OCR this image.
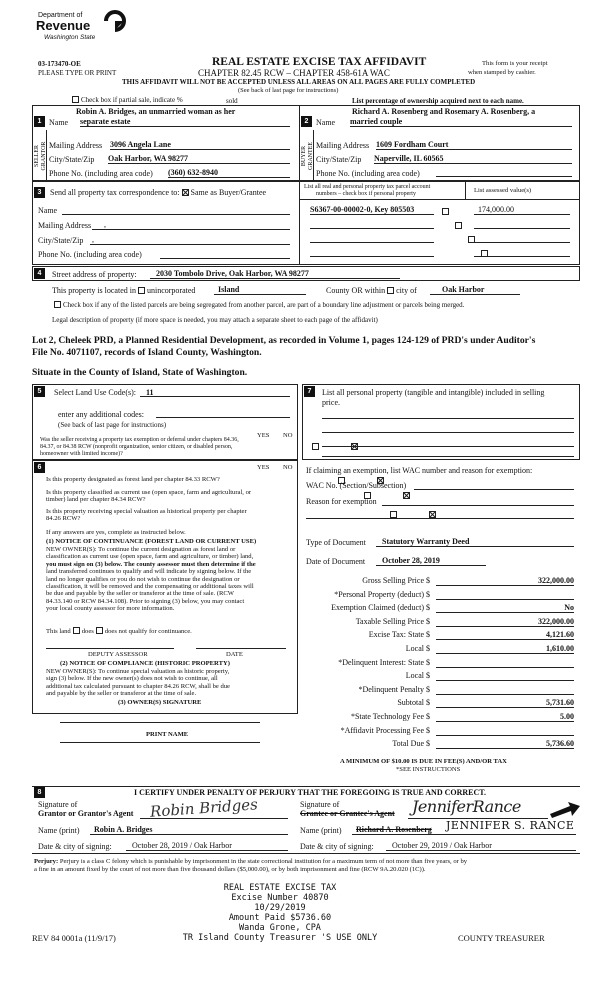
Department of
Revenue
Washington State
03-173470-OE
PLEASE TYPE OR PRINT
REAL ESTATE EXCISE TAX AFFIDAVIT
CHAPTER 82.45 RCW – CHAPTER 458-61A WAC
THIS AFFIDAVIT WILL NOT BE ACCEPTED UNLESS ALL AREAS ON ALL PAGES ARE FULLY COMPLETED
(See back of last page for instructions)
This form is your receipt
when stamped by cashier.
Check box if partial sale, indicate %	sold	List percentage of ownership acquired next to each name.
1	2
SELLER
GRANTOR	BUYER
GRANTEE
Robin A. Bridges, an unmarried woman as her
Name separate estate
Mailing Address 3096 Angela Lane
City/State/Zip Oak Harbor, WA 98277
Phone No. (including area code) (360) 632-8940
Richard A. Rosenberg and Rosemary A. Rosenberg, a
Name married couple
Mailing Address 1609 Fordham Court
City/State/Zip Naperville, IL 60565
Phone No. (including area code)
3	Send all property tax correspondence to: Same as Buyer/Grantee
Name
Mailing Address	,
City/State/Zip ,
Phone No. (including area code)
List all real and personal property tax parcel account
numbers – check box if personal property	List assessed value(s)
S6367-00-00002-0, Key 805503
	174,000.00

4	Street address of property:	2030 Tombolo Drive, Oak Harbor, WA 98277
This property is located in unincorporated	Island	County OR within city of	Oak Harbor
Check box if any of the listed parcels are being segregated from another parcel, are part of a boundary line adjustment or parcels being merged.
Legal description of property (if more space is needed, you may attach a separate sheet to each page of the affidavit)
Lot 2, Cheleek PRD, a Planned Residential Development, as recorded in Volume 1, pages 124-129 of PRD's under Auditor's
File No. 4071107, records of Island County, Washington.
Situate in the County of Island, State of Washington.
5	Select Land Use Code(s): 11
enter any additional codes:
(See back of last page for instructions)
YES NO
Was the seller receiving a property tax exemption or deferral under chapters 84.36, 84.37, or 84.38 RCW (nonprofit organization, senior citizen, or disabled person, homeowner with limited income)?

6	YES NO
Is this property designated as forest land per chapter 84.33 RCW?

Is this property classified as current use (open space, farm and agricultural, or timber) land per chapter 84.34 RCW?

Is this property receiving special valuation as historical property per chapter 84.26 RCW?

If any answers are yes, complete as instructed below.
(1) NOTICE OF CONTINUANCE (FOREST LAND OR CURRENT USE)
NEW OWNER(S): To continue the current designation as forest land or
classification as current use (open space, farm and agriculture, or timber) land,
you must sign on (3) below. The county assessor must then determine if the
land transferred continues to qualify and will indicate by signing below. If the
land no longer qualifies or you do not wish to continue the designation or
classification, it will be removed and the compensating or additional taxes will
be due and payable by the seller or transferor at the time of sale. (RCW
84.33.140 or RCW 84.34.108). Prior to signing (3) below, you may contact
your local county assessor for more information.
This land does does not qualify for continuance.
DEPUTY ASSESSOR	DATE
(2) NOTICE OF COMPLIANCE (HISTORIC PROPERTY)
NEW OWNER(S): To continue special valuation as historic property,
sign (3) below. If the new owner(s) does not wish to continue, all
additional tax calculated pursuant to chapter 84.26 RCW, shall be due
and payable by the seller or transferor at the time of sale.
(3) OWNER(S) SIGNATURE
PRINT NAME
7	List all personal property (tangible and intangible) included in selling
price.
If claiming an exemption, list WAC number and reason for exemption:
WAC No. (Section/Subsection)
Reason for exemption
Type of Document	Statutory Warranty Deed
Date of Document	October 28, 2019
Gross Selling Price $	322,000.00
*Personal Property (deduct) $
Exemption Claimed (deduct) $	No
Taxable Selling Price $	322,000.00
Excise Tax: State $	4,121.60
Local $	1,610.00
*Delinquent Interest: State $
Local $
*Delinquent Penalty $
Subtotal $	5,731.60
*State Technology Fee $	5.00
*Affidavit Processing Fee $
Total Due $	5,736.60
A MINIMUM OF $10.00 IS DUE IN FEE(S) AND/OR TAX
*SEE INSTRUCTIONS
8	I CERTIFY UNDER PENALTY OF PERJURY THAT THE FOREGOING IS TRUE AND CORRECT.
Signature of
Grantor or Grantor's Agent Robin Bridges	Signature of
Grantee or Grantee's Agent JenniferRance
Name (print)	Robin A. Bridges	Name (print)	Richard A. Rosenberg	JENNIFER S. RANCE
Date & city of signing:	October 28, 2019 / Oak Harbor	Date & city of signing:	October 29, 2019 / Oak Harbor
Perjury: Perjury is a class C felony which is punishable by imprisonment in the state correctional institution for a maximum term of not more than five years, or by
a fine in an amount fixed by the court of not more than five thousand dollars ($5,000.00), or by both imprisonment and fine (RCW 9A.20.020 (1C)).
REAL ESTATE EXCISE TAX
Excise Number 40870
10/29/2019
Amount Paid $5736.60
Wanda Grone, CPA
TR Island County Treasurer 'S USE ONLY
REV 84 0001a (11/9/17)	COUNTY TREASURER
